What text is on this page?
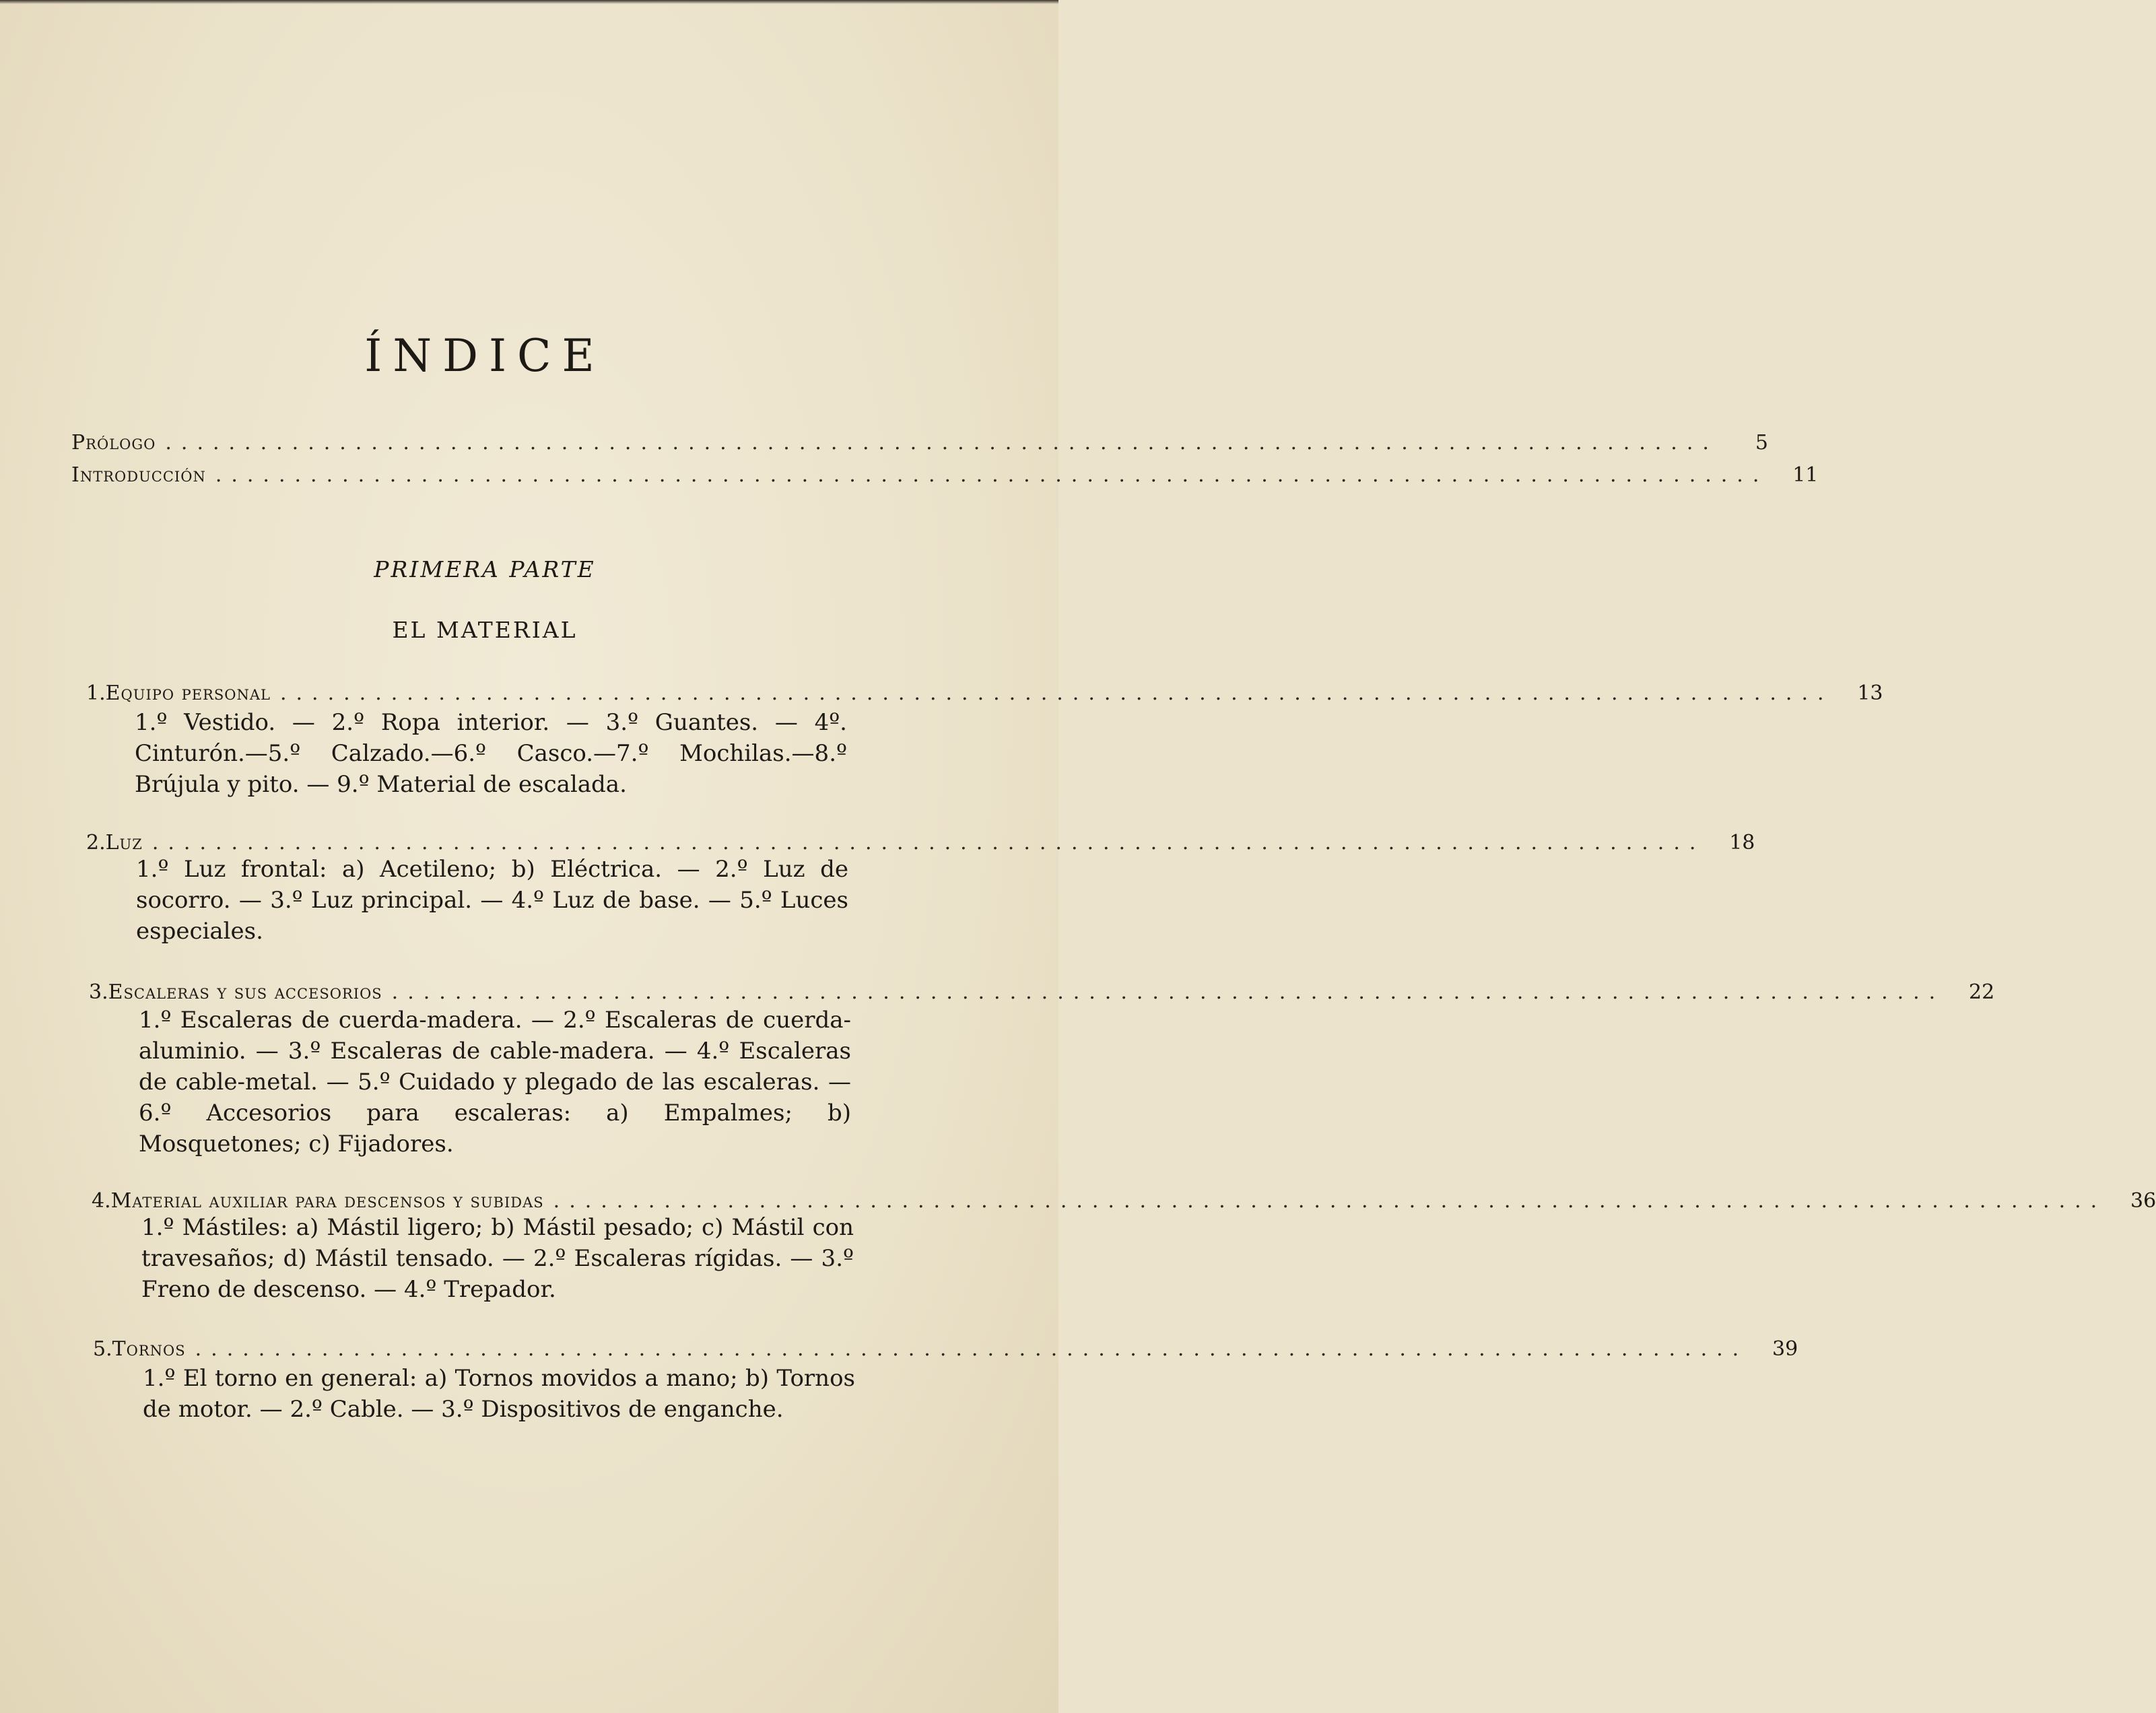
ÍNDICE
Prólogo ..................................................................................................	5
Introducción .................................................................................................. 11
PRIMERA PARTE
EL MATERIAL
1. Equipo personal .................................................................................................. 13
1.º Vestido. — 2.º Ropa interior. — 3.º Guantes. — 4º. Cinturón.—5.º Calzado.—6.º Casco.—7.º Mochilas.—8.º Brújula y pito. — 9.º Material de escalada.
2. Luz .................................................................................................. 18
1.º Luz frontal: a) Acetileno; b) Eléctrica. — 2.º Luz de socorro. — 3.º Luz principal. — 4.º Luz de base. — 5.º Luces especiales.
3. Escaleras y sus accesorios .................................................................................................. 22
1.º Escaleras de cuerda-madera. — 2.º Escaleras de cuerda-aluminio. — 3.º Escaleras de cable-madera. — 4.º Escaleras de cable-metal. — 5.º Cuidado y plegado de las escaleras. — 6.º Accesorios para escaleras: a) Empalmes; b) Mosquetones; c) Fijadores.
4. Material auxiliar para descensos y subidas .................................................................................................. 36
1.º Mástiles: a) Mástil ligero; b) Mástil pesado; c) Mástil con travesaños; d) Mástil tensado. — 2.º Escaleras rígidas. — 3.º Freno de descenso. — 4.º Trepador.
5. Tornos .................................................................................................. 39
1.º El torno en general: a) Tornos movidos a mano; b) Tornos de motor. — 2.º Cable. — 3.º Dispositivos de enganche.
